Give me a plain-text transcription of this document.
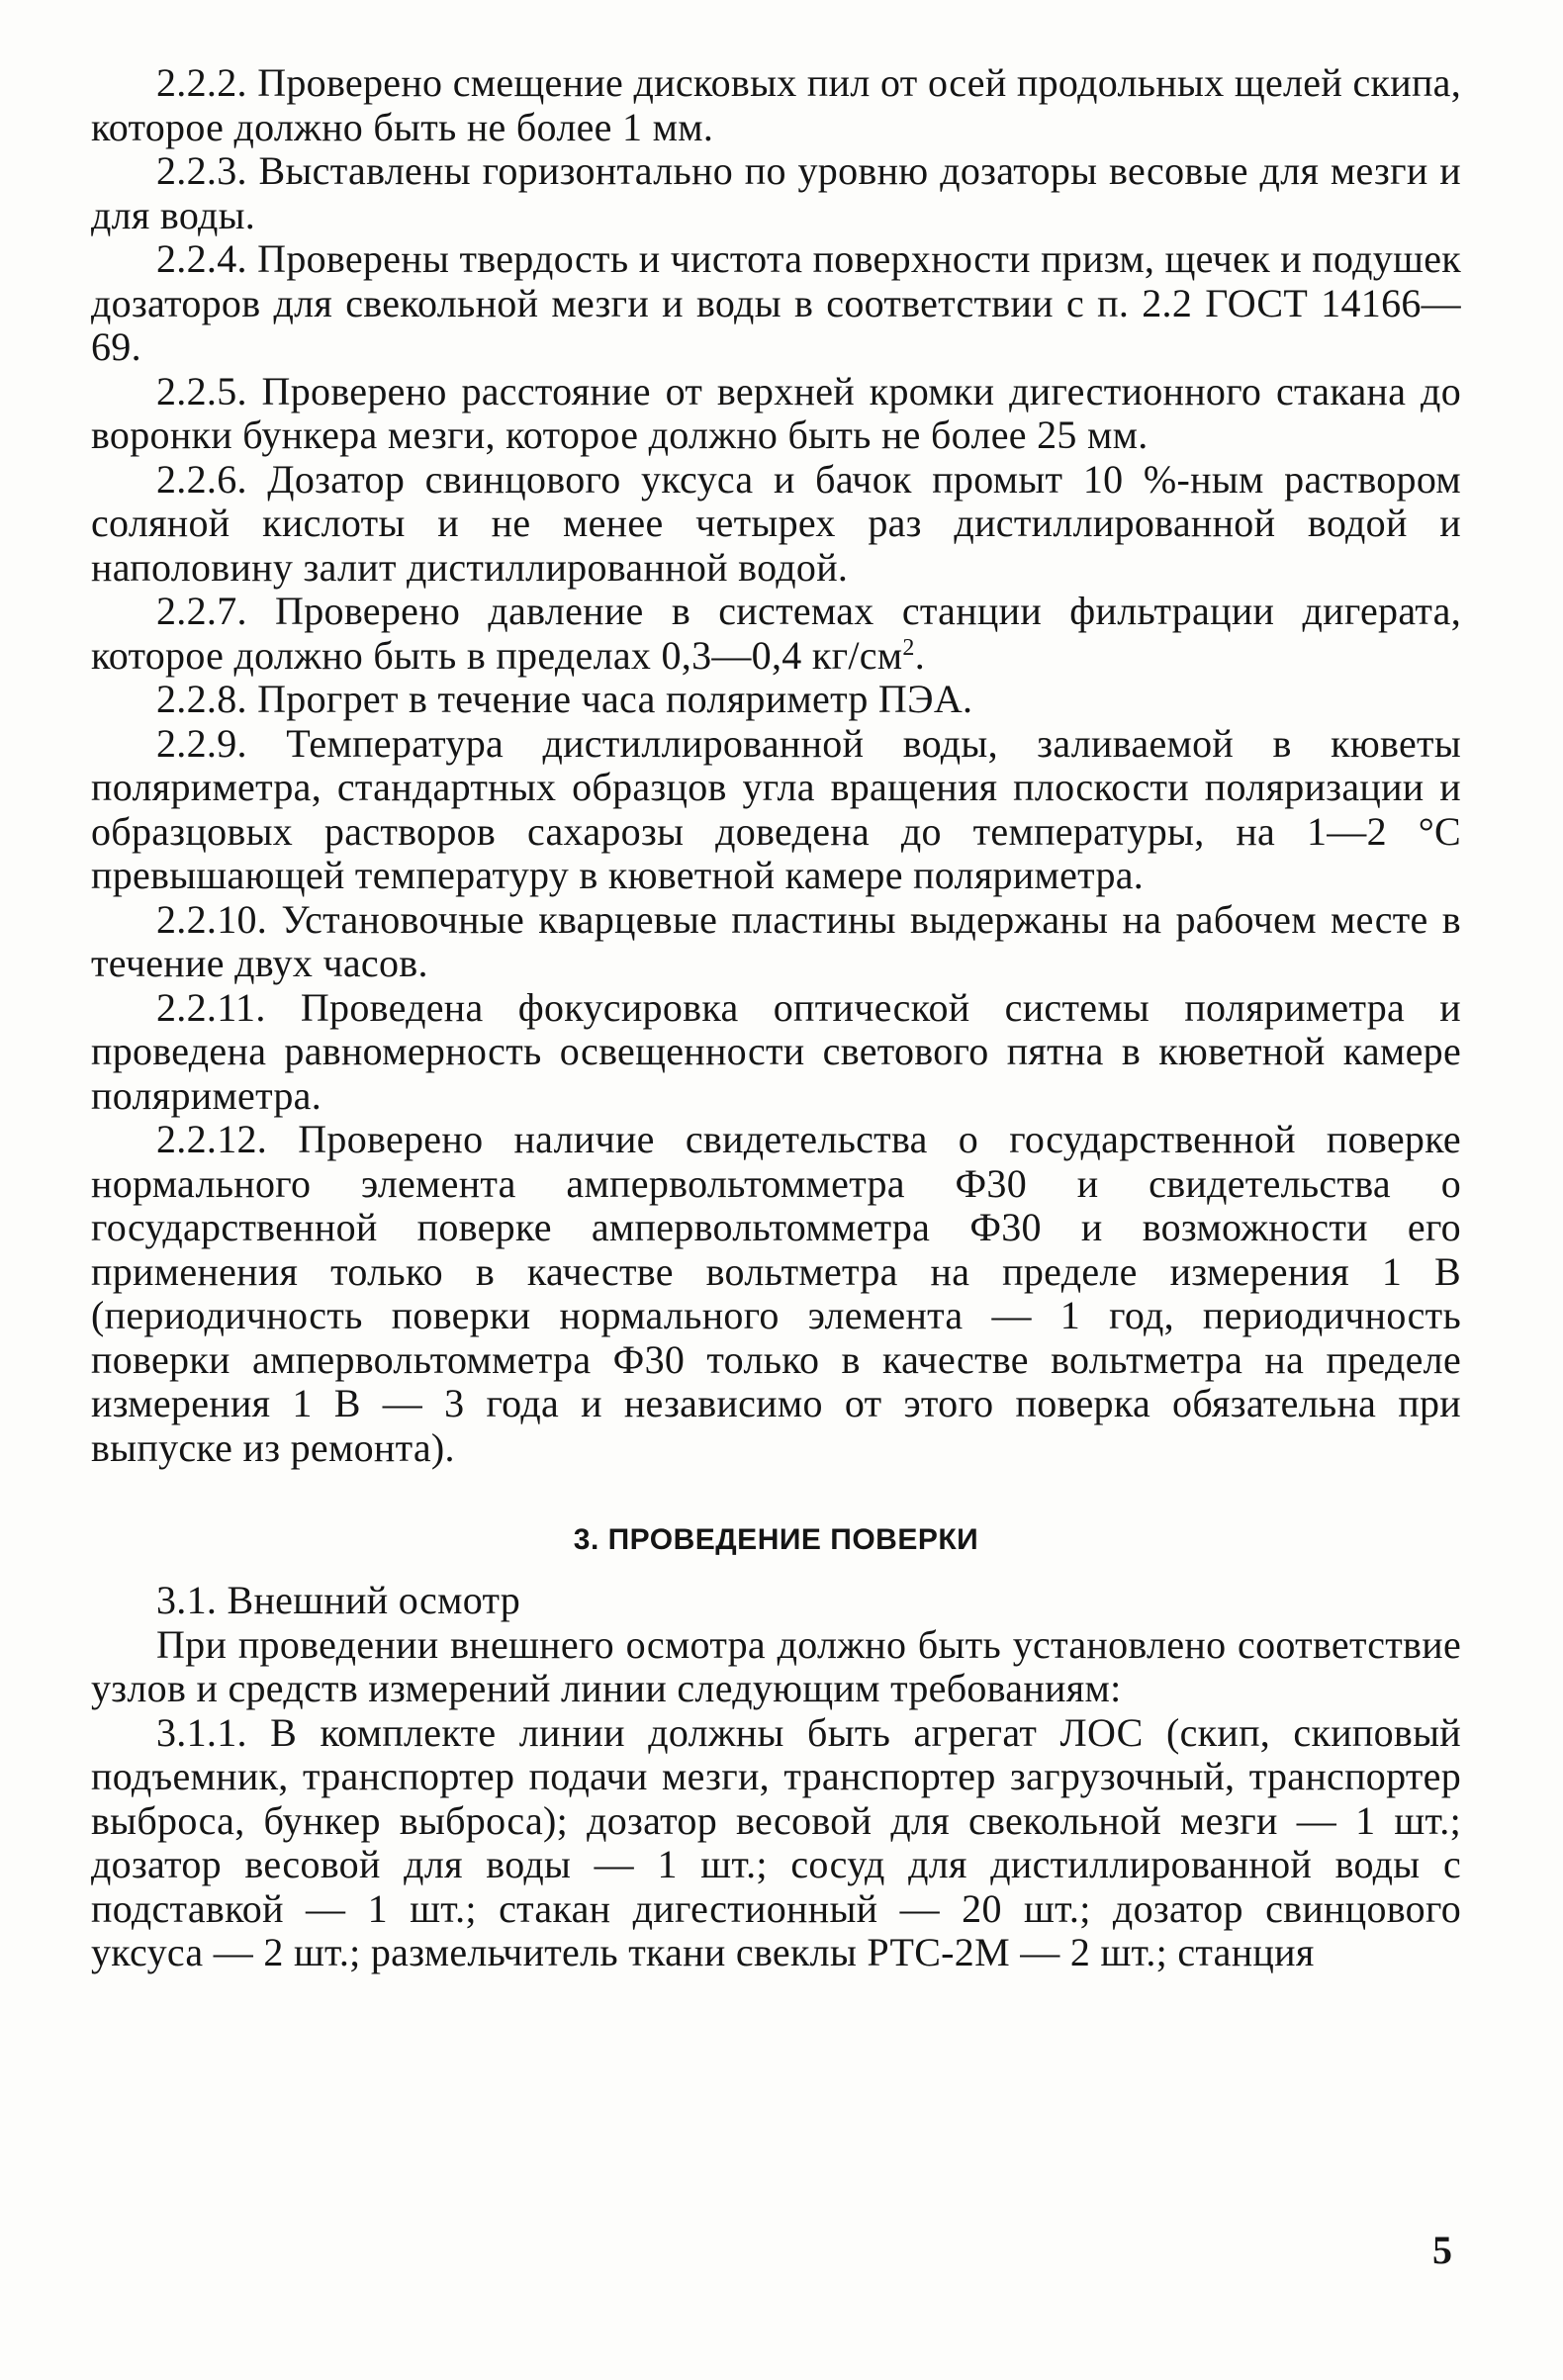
2.2.2. Проверено смещение дисковых пил от осей продольных щелей скипа, которое должно быть не более 1 мм.

2.2.3. Выставлены горизонтально по уровню дозаторы весовые для мезги и для воды.

2.2.4. Проверены твердость и чистота поверхности призм, щечек и подушек дозаторов для свекольной мезги и воды в соответствии с п. 2.2 ГОСТ 14166—69.

2.2.5. Проверено расстояние от верхней кромки дигестионного стакана до воронки бункера мезги, которое должно быть не более 25 мм.

2.2.6. Дозатор свинцового уксуса и бачок промыт 10 %-ным раствором соляной кислоты и не менее четырех раз дистиллированной водой и наполовину залит дистиллированной водой.

2.2.7. Проверено давление в системах станции фильтрации дигерата, которое должно быть в пределах 0,3—0,4 $кг/см^2$.

2.2.8. Прогрет в течение часа поляриметр ПЭА.

2.2.9. Температура дистиллированной воды, заливаемой в кюветы поляриметра, стандартных образцов угла вращения плоскости поляризации и образцовых растворов сахарозы доведена до температуры, на 1—2 °С превышающей температуру в кюветной камере поляриметра.

2.2.10. Установочные кварцевые пластины выдержаны на рабочем месте в течение двух часов.

2.2.11. Проведена фокусировка оптической системы поляриметра и проведена равномерность освещенности светового пятна в кюветной камере поляриметра.

2.2.12. Проверено наличие свидетельства о государственной поверке нормального элемента ампервольтомметра Ф30 и свидетельства о государственной поверке ампервольтомметра Ф30 и возможности его применения только в качестве вольтметра на пределе измерения 1 В (периодичность поверки нормального элемента — 1 год, периодичность поверки ампервольтомметра Ф30 только в качестве вольтметра на пределе измерения 1 В — 3 года и независимо от этого поверка обязательна при выпуске из ремонта).

3. ПРОВЕДЕНИЕ ПОВЕРКИ

3.1. Внешний осмотр

При проведении внешнего осмотра должно быть установлено соответствие узлов и средств измерений линии следующим требованиям:

3.1.1. В комплекте линии должны быть агрегат ЛОС (скип, скиповый подъемник, транспортер подачи мезги, транспортер загрузочный, транспортер выброса, бункер выброса); дозатор весовой для свекольной мезги — 1 шт.; дозатор весовой для воды — 1 шт.; сосуд для дистиллированной воды с подставкой — 1 шт.; стакан дигестионный — 20 шт.; дозатор свинцового уксуса — 2 шт.; размельчитель ткани свеклы РТС-2М — 2 шт.; станция

5
